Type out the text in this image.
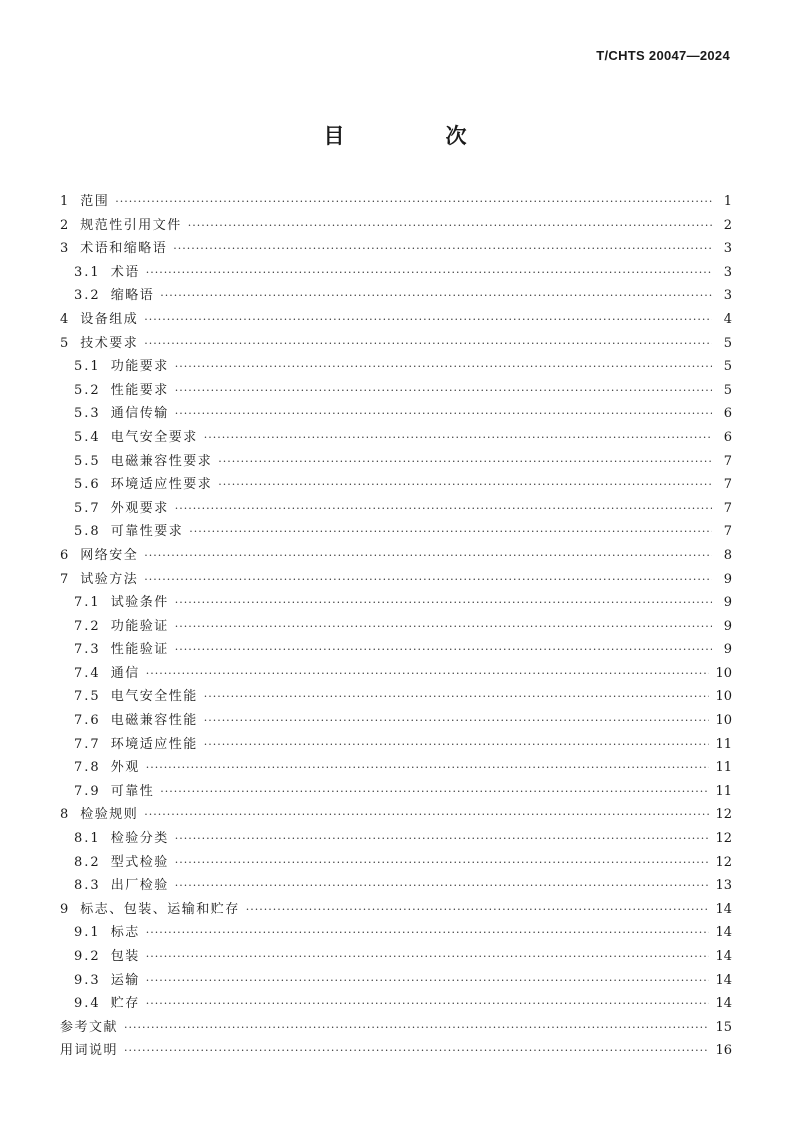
T/CHTS 20047—2024
目　次
1 范围 ·····	1
2 规范性引用文件 ·····	2
3 术语和缩略语 ·····	3
3.1 术语 ·····	3
3.2 缩略语 ·····	3
4 设备组成 ·····	4
5 技术要求 ·····	5
5.1 功能要求 ·····	5
5.2 性能要求 ·····	5
5.3 通信传输 ·····	6
5.4 电气安全要求 ·····	6
5.5 电磁兼容性要求 ·····	7
5.6 环境适应性要求 ·····	7
5.7 外观要求 ·····	7
5.8 可靠性要求 ·····	7
6 网络安全 ·····	8
7 试验方法 ·····	9
7.1 试验条件 ·····	9
7.2 功能验证 ·····	9
7.3 性能验证 ·····	9
7.4 通信 ·····	10
7.5 电气安全性能 ·····	10
7.6 电磁兼容性能 ·····	10
7.7 环境适应性能 ·····	11
7.8 外观 ·····	11
7.9 可靠性 ·····	11
8 检验规则 ·····	12
8.1 检验分类 ·····	12
8.2 型式检验 ·····	12
8.3 出厂检验 ·····	13
9 标志、包装、运输和贮存 ·····	14
9.1 标志 ·····	14
9.2 包装 ·····	14
9.3 运输 ·····	14
9.4 贮存 ·····	14
参考文献 ·····	15
用词说明 ·····	16
